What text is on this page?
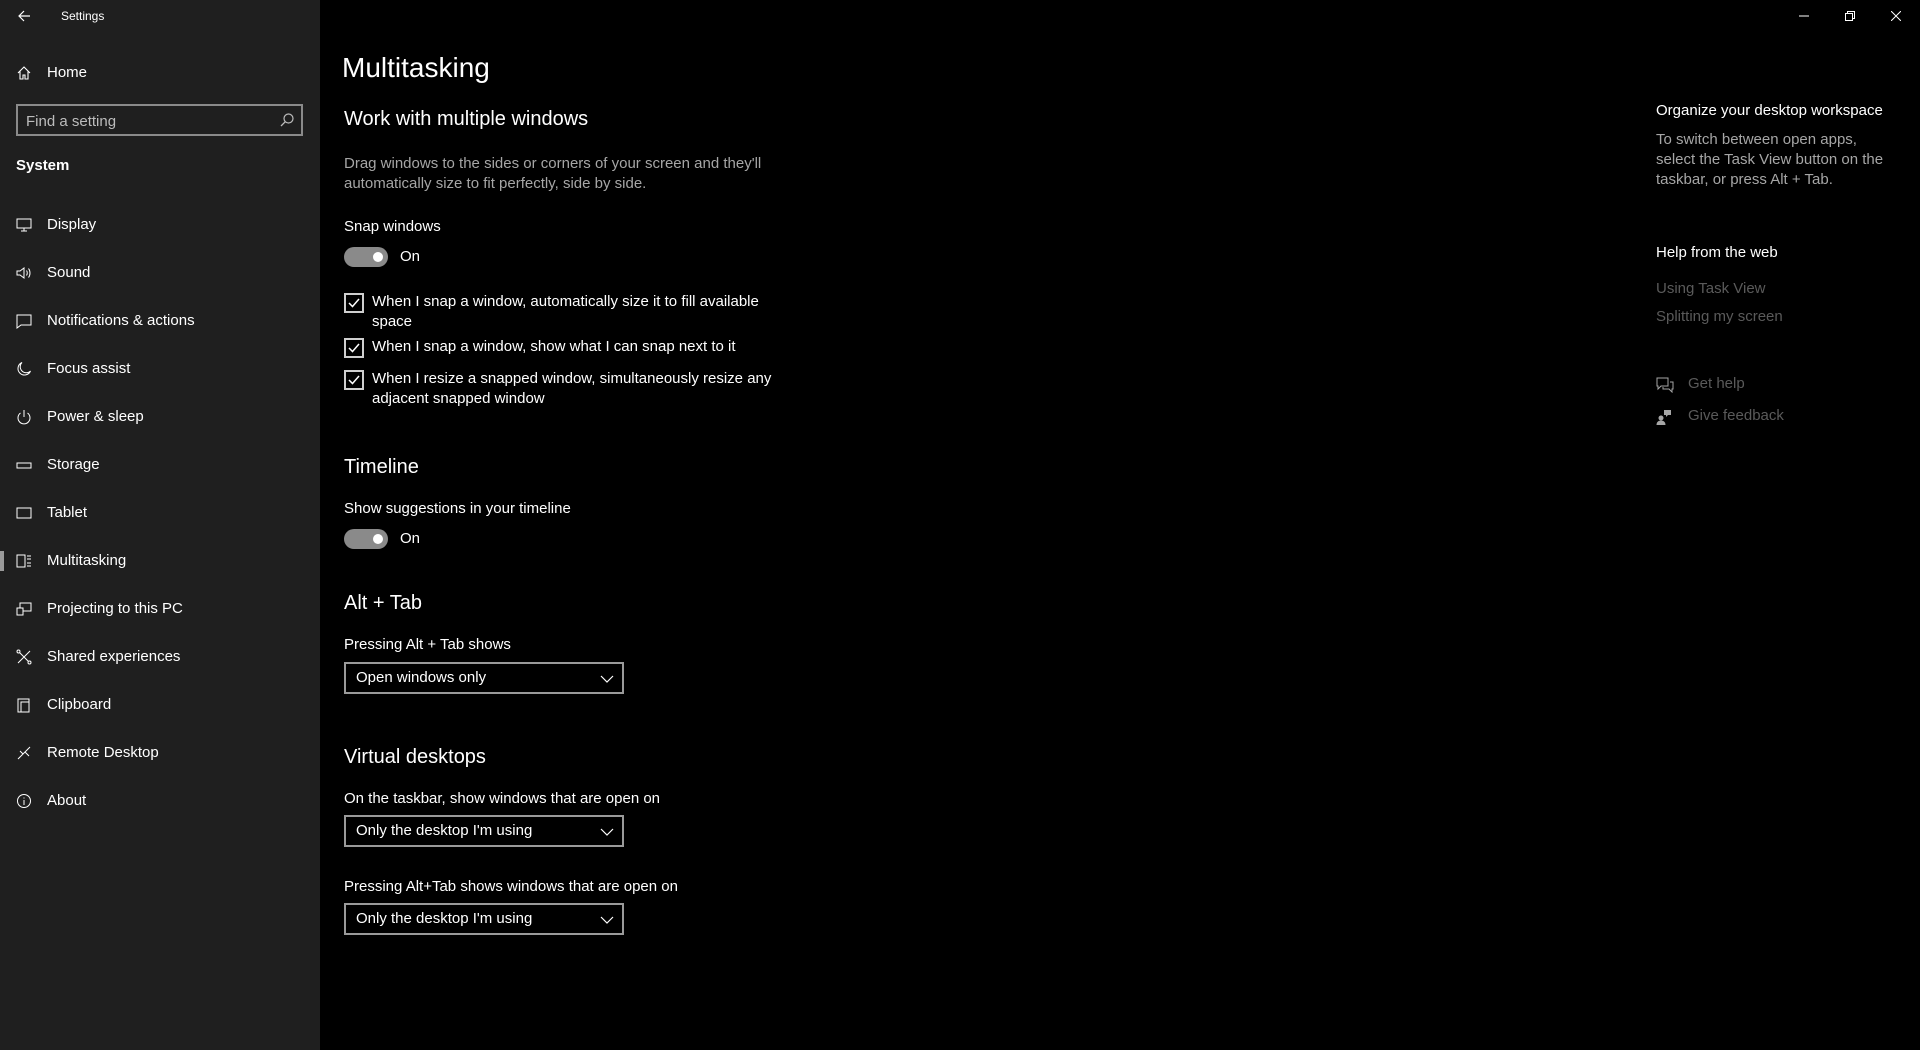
Settings
Home
Find a setting
System
Display
Sound
Notifications & actions
Focus assist
Power & sleep
Storage
Tablet
Multitasking
Projecting to this PC
Shared experiences
Clipboard
Remote Desktop
About
Multitasking
Work with multiple windows
Drag windows to the sides or corners of your screen and they'll automatically size to fit perfectly, side by side.
Snap windows
On
When I snap a window, automatically size it to fill available space
When I snap a window, show what I can snap next to it
When I resize a snapped window, simultaneously resize any adjacent snapped window
Timeline
Show suggestions in your timeline
On
Alt + Tab
Pressing Alt + Tab shows
Open windows only
Virtual desktops
On the taskbar, show windows that are open on
Only the desktop I'm using
Pressing Alt+Tab shows windows that are open on
Only the desktop I'm using
Organize your desktop workspace
To switch between open apps, select the Task View button on the taskbar, or press Alt + Tab.
Help from the web
Using Task View
Splitting my screen
Get help
Give feedback
